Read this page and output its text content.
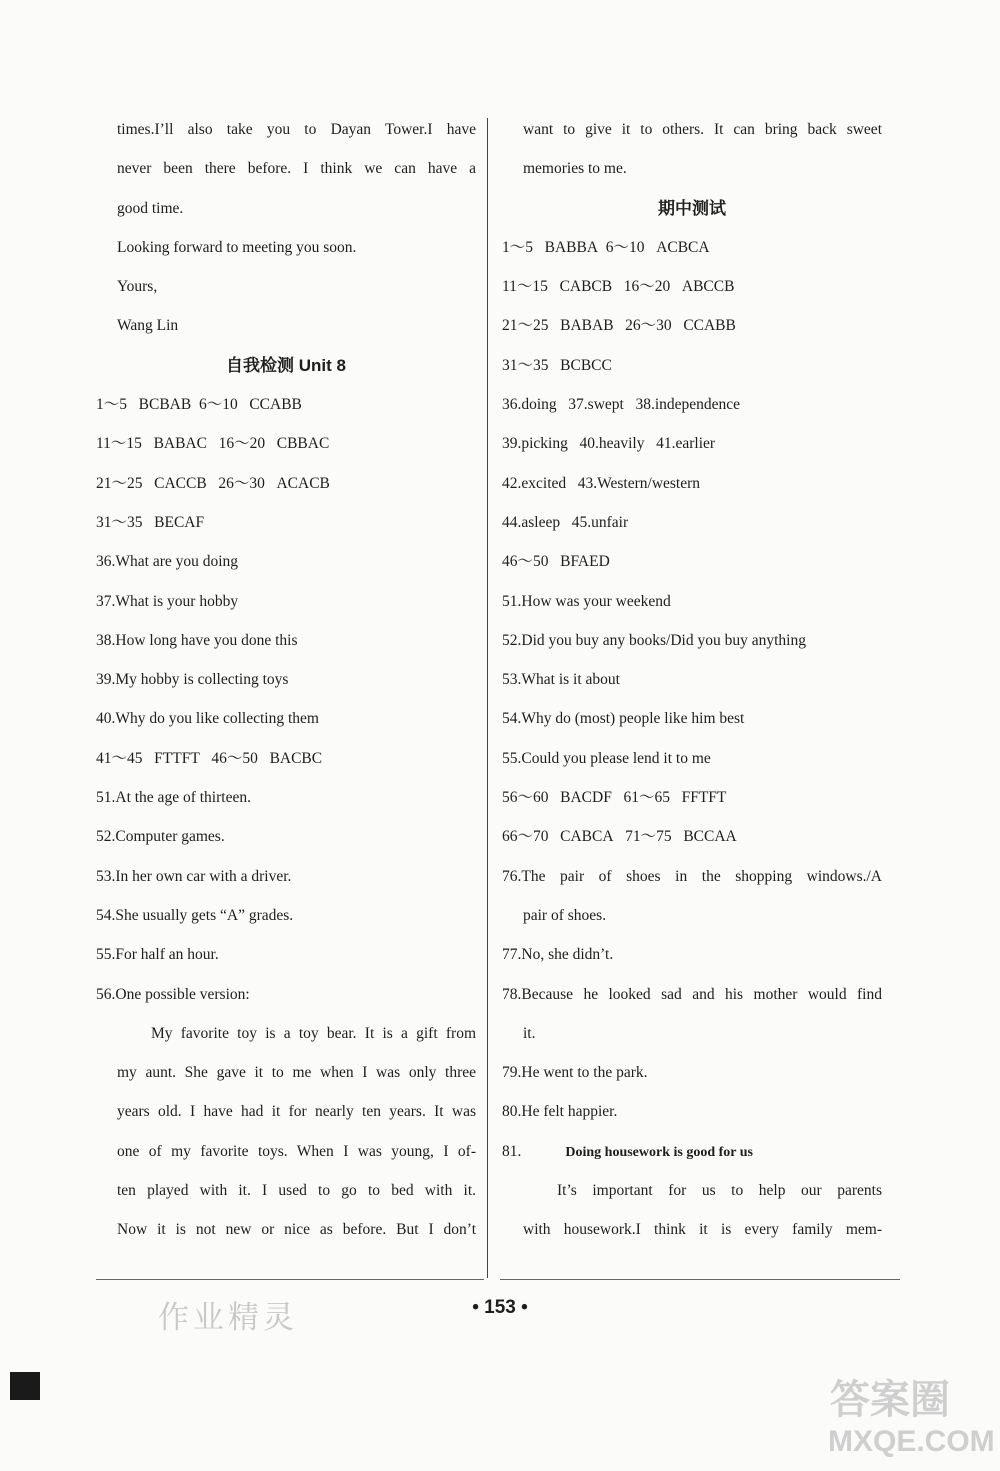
times.I’ll also take you to Dayan Tower.I have
never been there before. I think we can have a
good time.
Looking forward to meeting you soon.
Yours,
Wang Lin
自我检测 Unit 8
1～5 BCBAB 6～10 CCABB
11～15 BABAC 16～20 CBBAC
21～25 CACCB 26～30 ACACB
31～35 BECAF
36.What are you doing
37.What is your hobby
38.How long have you done this
39.My hobby is collecting toys
40.Why do you like collecting them
41～45 FTTFT 46～50 BACBC
51.At the age of thirteen.
52.Computer games.
53.In her own car with a driver.
54.She usually gets “A” grades.
55.For half an hour.
56.One possible version:
My favorite toy is a toy bear. It is a gift from
my aunt. She gave it to me when I was only three
years old. I have had it for nearly ten years. It was
one of my favorite toys. When I was young, I of-
ten played with it. I used to go to bed with it.
Now it is not new or nice as before. But I don’t
want to give it to others. It can bring back sweet
memories to me.
期中测试
1～5 BABBA 6～10 ACBCA
11～15 CABCB 16～20 ABCCB
21～25 BABAB 26～30 CCABB
31～35 BCBCC
36.doing   37.swept   38.independence
39.picking   40.heavily   41.earlier
42.excited   43.Western/western
44.asleep   45.unfair
46～50   BFAED
51.How was your weekend
52.Did you buy any books/Did you buy anything
53.What is it about
54.Why do (most) people like him best
55.Could you please lend it to me
56～60 BACDF 61～65 FFTFT
66～70 CABCA 71～75 BCCAA
76.The pair of shoes in the shopping windows./A
pair of shoes.
77.No, she didn’t.
78.Because he looked sad and his mother would find
it.
79.He went to the park.
80.He felt happier.
81.	Doing housework is good for us
It’s important for us to help our parents
with housework.I think it is every family mem-
• 153 •
作业精灵
答案圈
MXQE.COM
